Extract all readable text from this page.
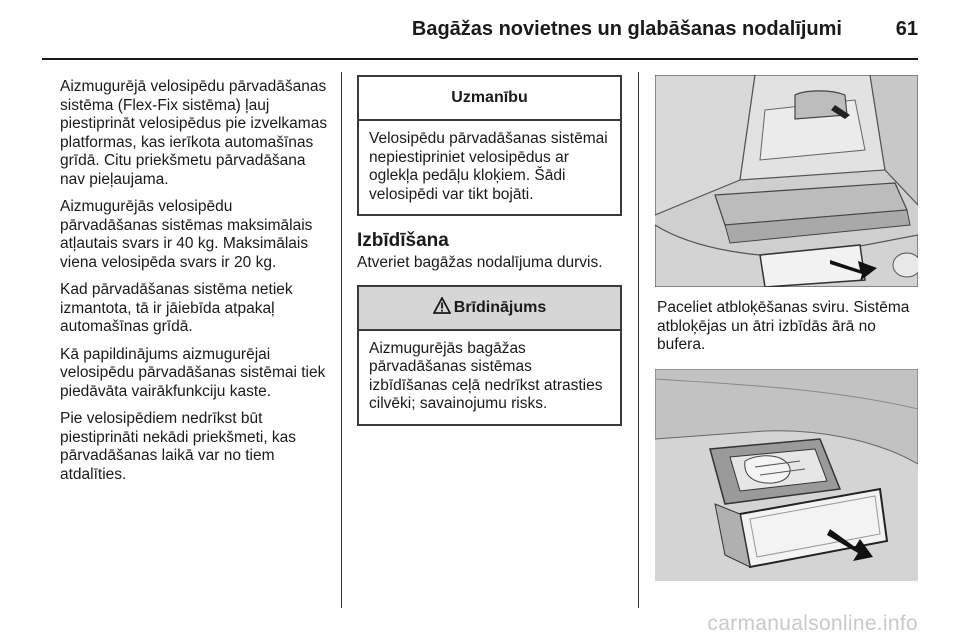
Bagāžas novietnes un glabāšanas nodalījumi	61

Aizmugurējā velosipēdu pārvadāšanas sistēma (Flex-Fix sistēma) ļauj piestiprināt velosipēdus pie izvelkamas platformas, kas ierīkota automašīnas grīdā. Citu priekšmetu pārvadāšana nav pieļaujama.

Aizmugurējās velosipēdu pārvadāšanas sistēmas maksimālais atļautais svars ir 40 kg. Maksimālais viena velosipēda svars ir 20 kg.

Kad pārvadāšanas sistēma netiek izmantota, tā ir jāiebīda atpakaļ automašīnas grīdā.

Kā papildinājums aizmugurējai velosipēdu pārvadāšanas sistēmai tiek piedāvāta vairākfunkciju kaste.

Pie velosipēdiem nedrīkst būt piestiprināti nekādi priekšmeti, kas pārvadāšanas laikā var no tiem atdalīties.

Uzmanību
Velosipēdu pārvadāšanas sistēmai nepiestipriniet velosipēdus ar oglekļa pedāļu kloķiem. Šādi velosipēdi var tikt bojāti.
Izbīdīšana
Atveriet bagāžas nodalījuma durvis.
Brīdinājums
Aizmugurējās bagāžas pārvadāšanas sistēmas izbīdīšanas ceļā nedrīkst atrasties cilvēki; savainojumu risks.
Paceliet atbloķēšanas sviru. Sistēma atbloķējas un ātri izbīdās ārā no bufera.
carmanualsonline.info
